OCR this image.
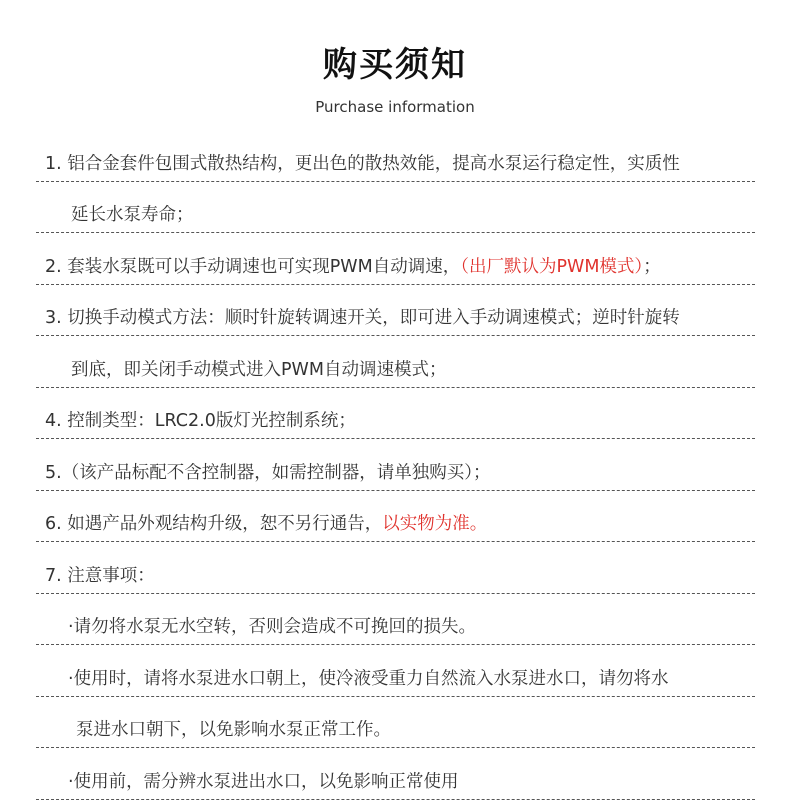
购买须知
Purchase information
1. 铝合金套件包围式散热结构，更出色的散热效能，提高水泵运行稳定性，实质性
延长水泵寿命；
2. 套装水泵既可以手动调速也可实现PWM自动调速，（出厂默认为PWM模式）；
3. 切换手动模式方法：顺时针旋转调速开关，即可进入手动调速模式；逆时针旋转
到底，即关闭手动模式进入PWM自动调速模式；
4. 控制类型：LRC2.0版灯光控制系统；
5.（该产品标配不含控制器，如需控制器，请单独购买）；
6. 如遇产品外观结构升级，恕不另行通告，以实物为准。
7. 注意事项：
·请勿将水泵无水空转，否则会造成不可挽回的损失。
·使用时，请将水泵进水口朝上，使冷液受重力自然流入水泵进水口，请勿将水
泵进水口朝下，以免影响水泵正常工作。
·使用前，需分辨水泵进出水口，以免影响正常使用
